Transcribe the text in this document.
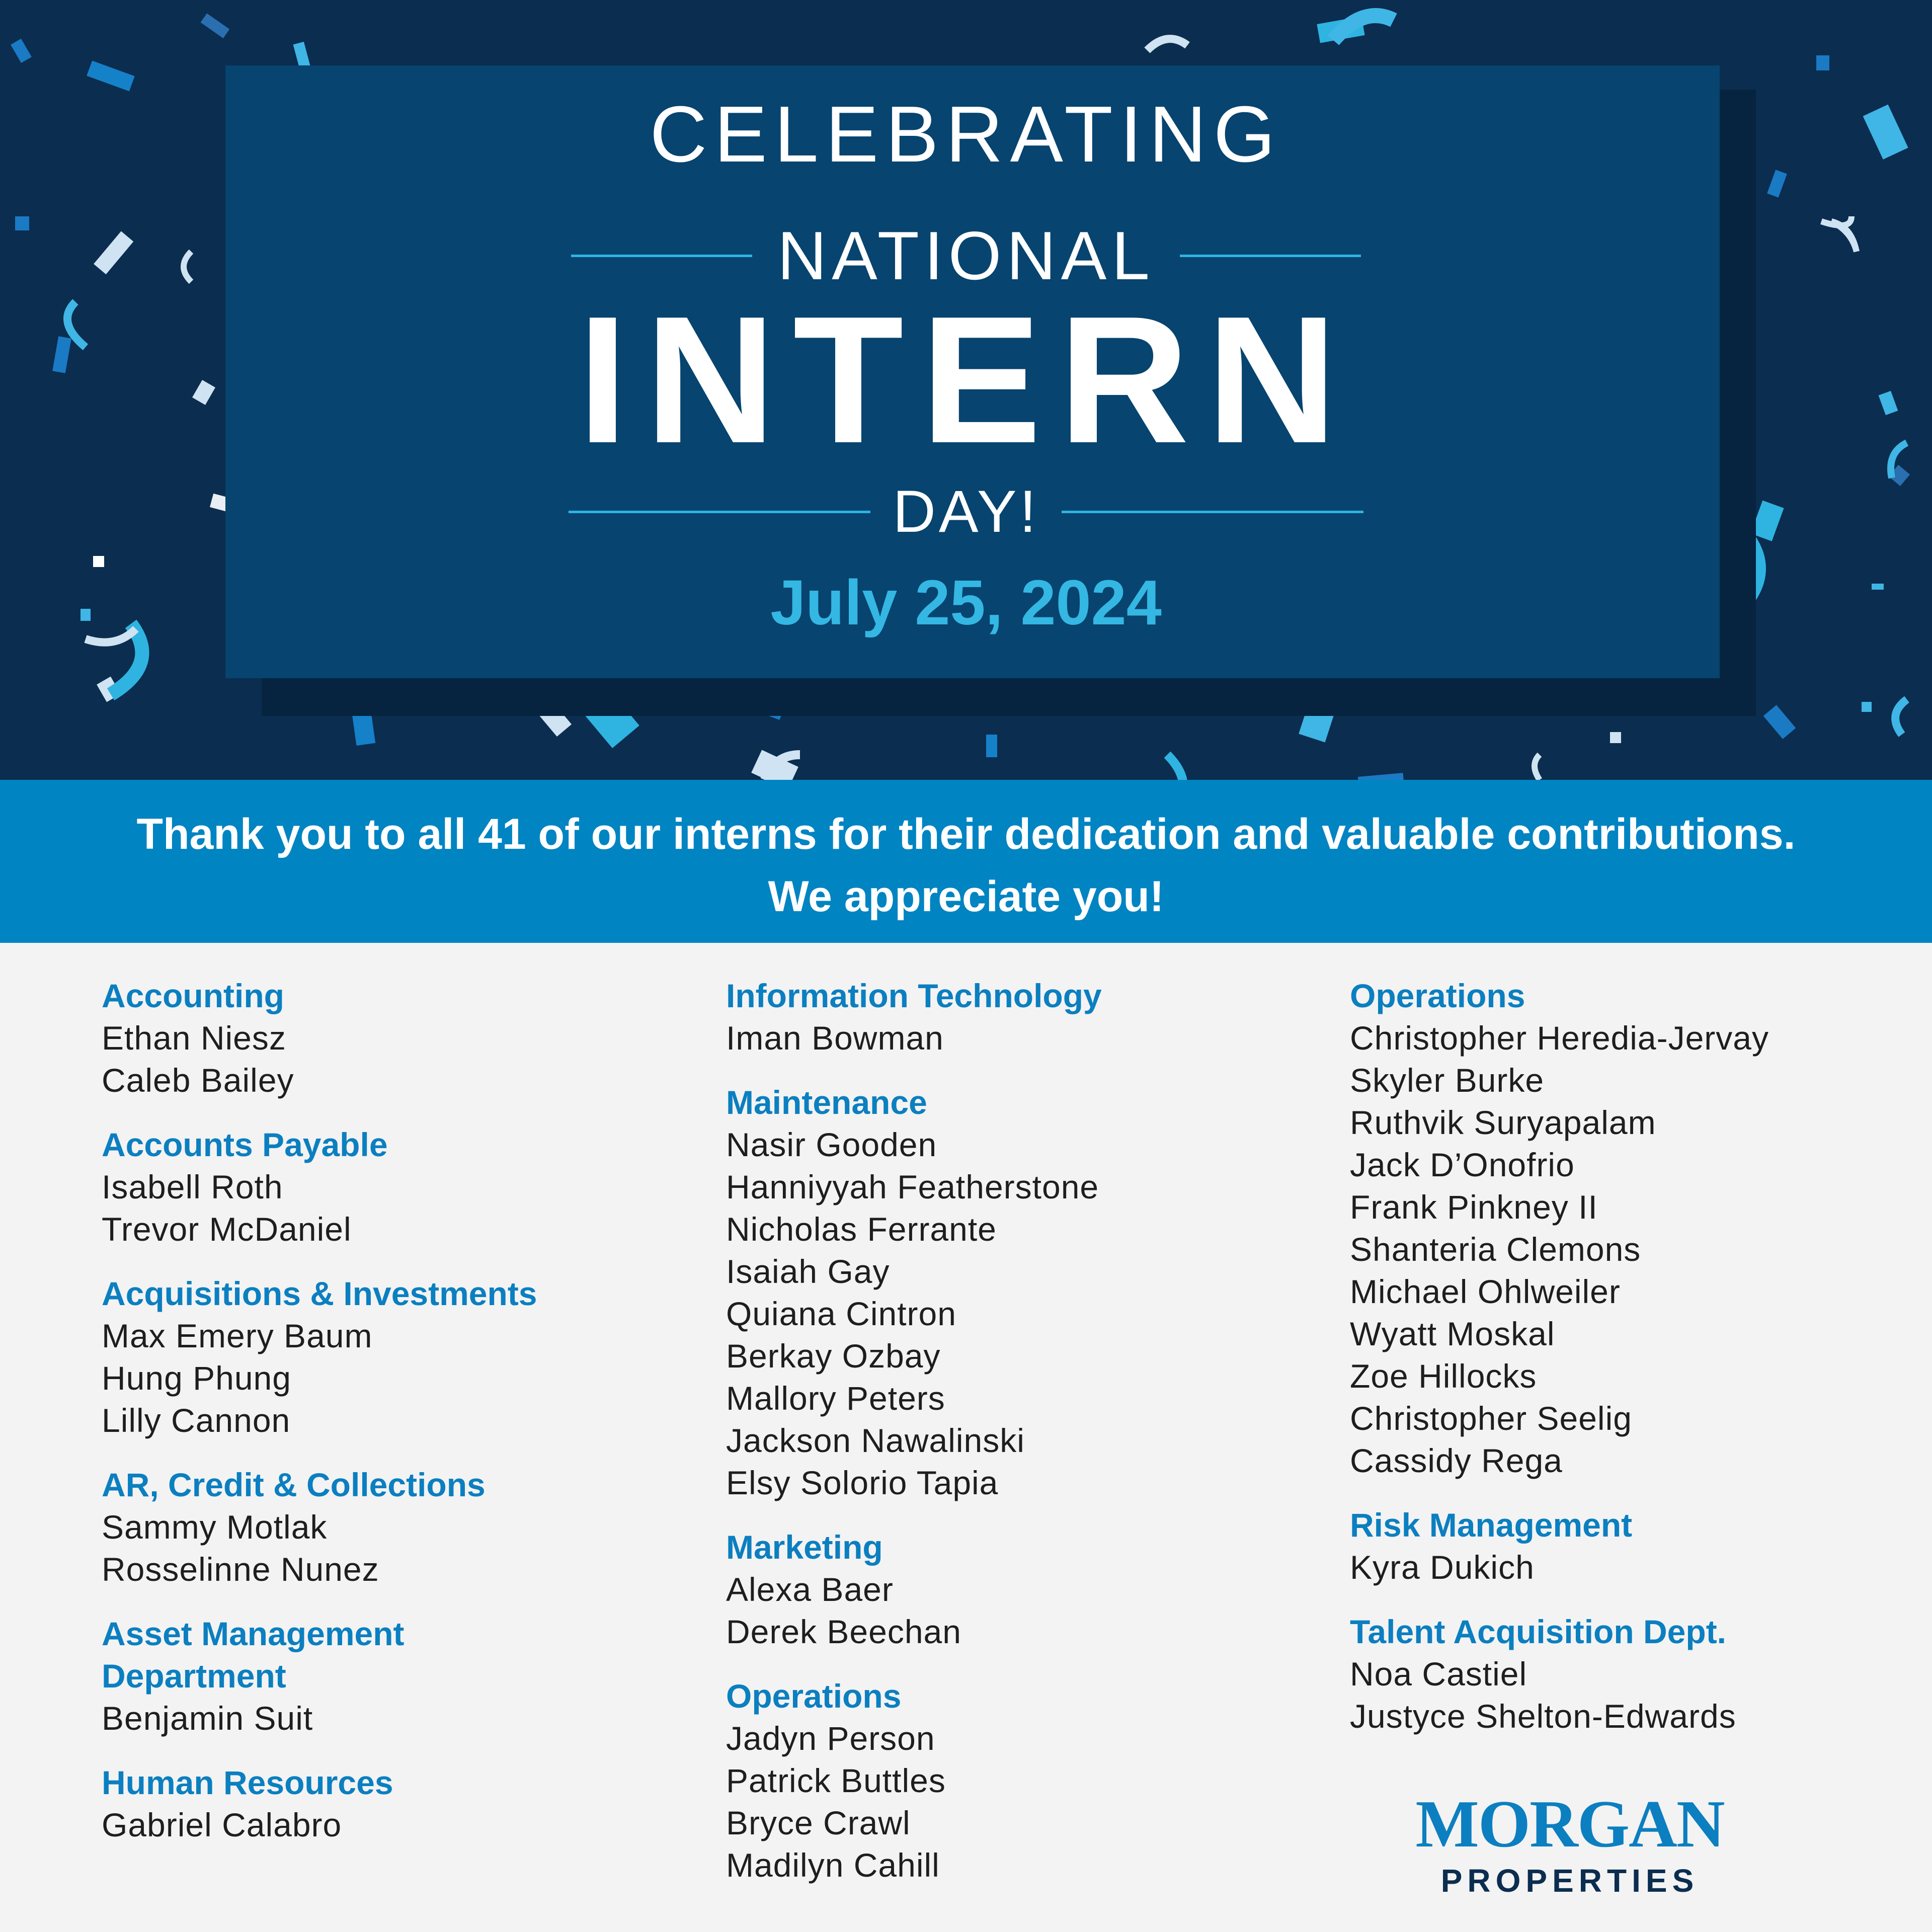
CELEBRATING
NATIONAL
INTERN
DAY!
July 25, 2024
Thank you to all 41 of our interns for their dedication and valuable contributions.
We appreciate you!
Accounting
Ethan Niesz
Caleb Bailey
Accounts Payable
Isabell Roth
Trevor McDaniel
Acquisitions & Investments
Max Emery Baum
Hung Phung
Lilly Cannon
AR, Credit & Collections
Sammy Motlak
Rosselinne Nunez
Asset Management Department
Benjamin Suit
Human Resources
Gabriel Calabro
Information Technology
Iman Bowman
Maintenance
Nasir Gooden
Hanniyyah Featherstone
Nicholas Ferrante
Isaiah Gay
Quiana Cintron
Berkay Ozbay
Mallory Peters
Jackson Nawalinski
Elsy Solorio Tapia
Marketing
Alexa Baer
Derek Beechan
Operations
Jadyn Person
Patrick Buttles
Bryce Crawl
Madilyn Cahill
Operations
Christopher Heredia-Jervay
Skyler Burke
Ruthvik Suryapalam
Jack D’Onofrio
Frank Pinkney II
Shanteria Clemons
Michael Ohlweiler
Wyatt Moskal
Zoe Hillocks
Christopher Seelig
Cassidy Rega
Risk Management
Kyra Dukich
Talent Acquisition Dept.
Noa Castiel
Justyce Shelton-Edwards
MORGAN
PROPERTIES
